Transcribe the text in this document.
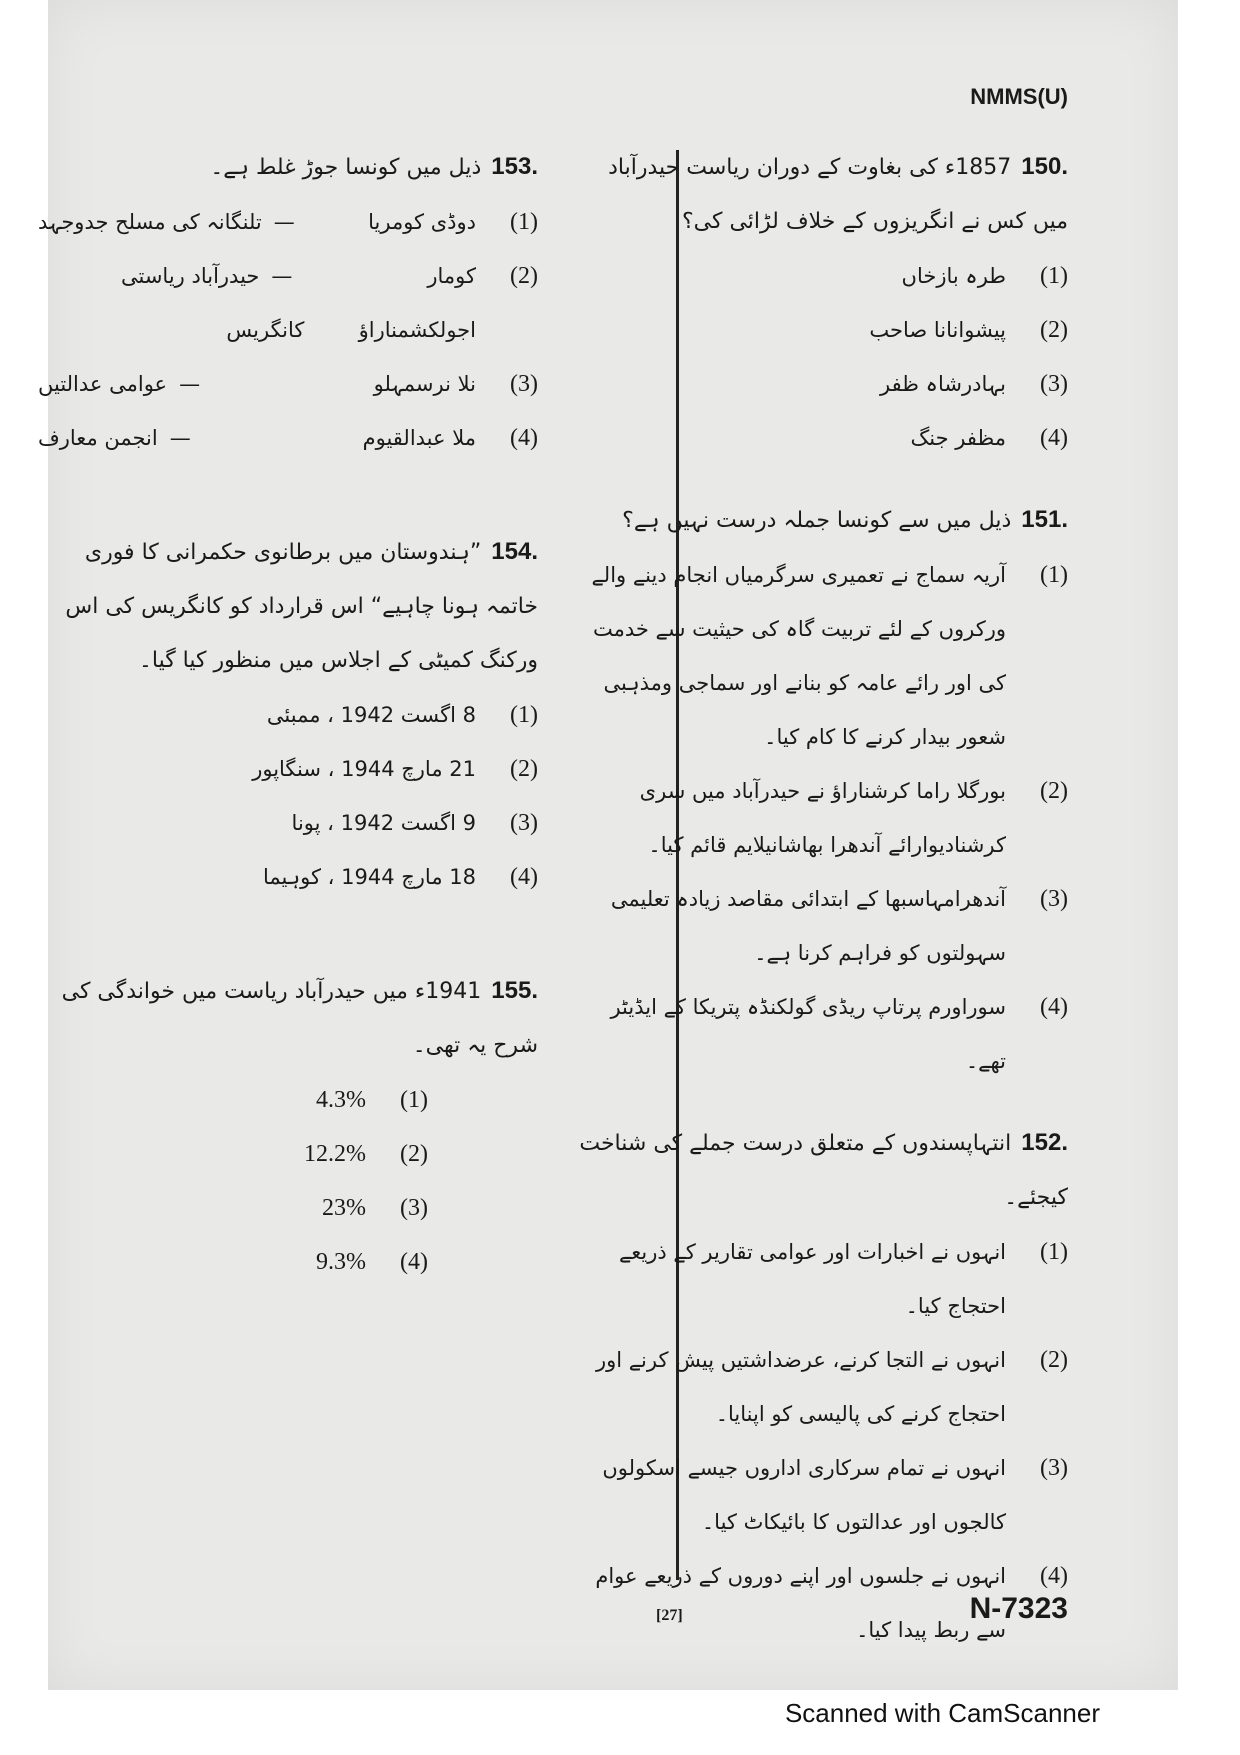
NMMS(U)
150.1857ء کی بغاوت کے دوران ریاست حیدرآباد میں کس نے انگریزوں کے خلاف لڑائی کی؟
(1)
طرہ بازخاں
(2)
پیشوانانا صاحب
(3)
بہادرشاہ ظفر
(4)
مظفر جنگ
151.ذیل میں سے کونسا جملہ درست نہیں ہے؟
(1)
آریہ سماج نے تعمیری سرگرمیاں انجام دینے والے ورکروں کے لئے تربیت گاہ کی حیثیت سے خدمت کی اور رائے عامہ کو بنانے اور سماجی ومذہبی شعور بیدار کرنے کا کام کیا۔
(2)
بورگلا راما کرشناراؤ نے حیدرآباد میں سری کرشنادیوارائے آندھرا بھاشانیلایم قائم کیا۔
(3)
آندھرامہاسبھا کے ابتدائی مقاصد زیادہ تعلیمی سہولتوں کو فراہم کرنا ہے۔
(4)
سوراورم پرتاپ ریڈی گولکنڈہ پتریکا کے ایڈیٹر تھے۔
152.انتہاپسندوں کے متعلق درست جملے کی شناخت کیجئے۔
(1)
انہوں نے اخبارات اور عوامی تقاریر کے ذریعے احتجاج کیا۔
(2)
انہوں نے التجا کرنے، عرضداشتیں پیش کرنے اور احتجاج کرنے کی پالیسی کو اپنایا۔
(3)
انہوں نے تمام سرکاری اداروں جیسے اسکولوں کالجوں اور عدالتوں کا بائیکاٹ کیا۔
(4)
انہوں نے جلسوں اور اپنے دوروں کے ذریعے عوام سے ربط پیدا کیا۔
153.ذیل میں کونسا جوڑ غلط ہے۔
(1)
دوڈی کومریا
—تلنگانہ کی مسلح جدوجہد
(2)
کومار اجولکشمناراؤ
—حیدرآباد ریاستی کانگریس
(3)
نلا نرسمہلو
—عوامی عدالتیں
(4)
ملا عبدالقیوم
—انجمن معارف
154.”ہندوستان میں برطانوی حکمرانی کا فوری خاتمہ ہونا چاہیے“ اس قرارداد کو کانگریس کی اس ورکنگ کمیٹی کے اجلاس میں منظور کیا گیا۔
(1)
8 اگست 1942 ، ممبئی
(2)
21 مارچ 1944 ، سنگاپور
(3)
9 اگست 1942 ، پونا
(4)
18 مارچ 1944 ، کوہیما
155.1941ء میں حیدرآباد ریاست میں خواندگی کی شرح یہ تھی۔
(1)
4.3%
(2)
12.2%
(3)
23%
(4)
9.3%
[27]	N-7323
Scanned with CamScanner
